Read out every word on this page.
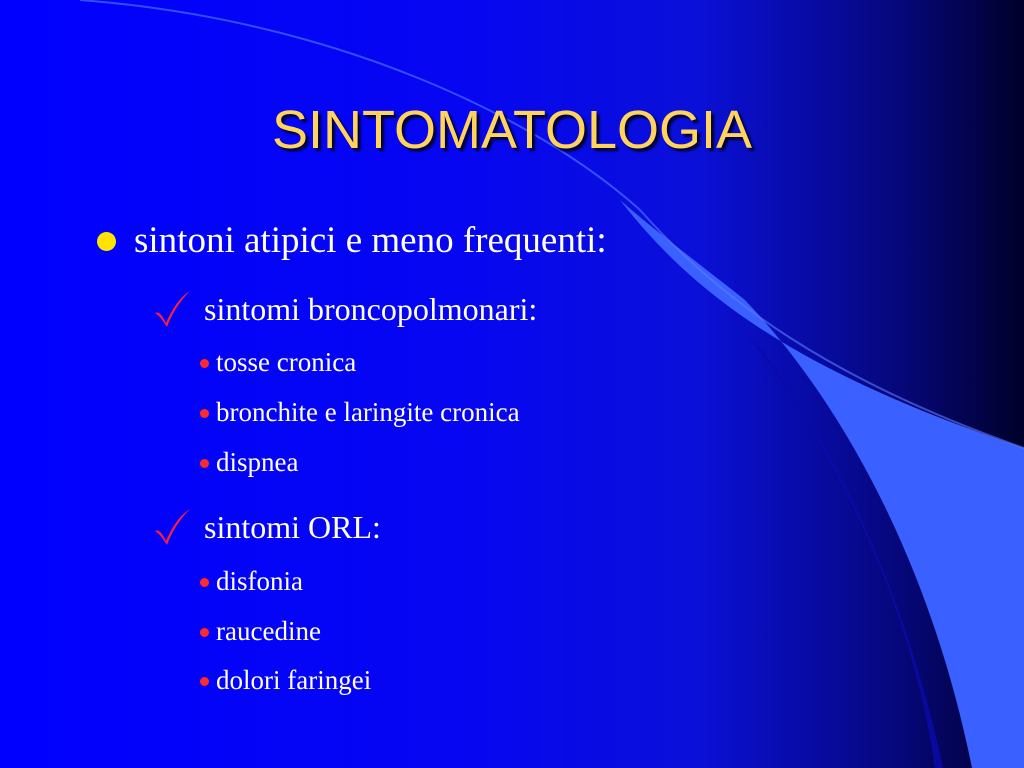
SINTOMATOLOGIA
sintoni atipici e meno frequenti:
sintomi broncopolmonari:
tosse cronica
bronchite e laringite cronica
dispnea
sintomi ORL:
disfonia
raucedine
dolori faringei
